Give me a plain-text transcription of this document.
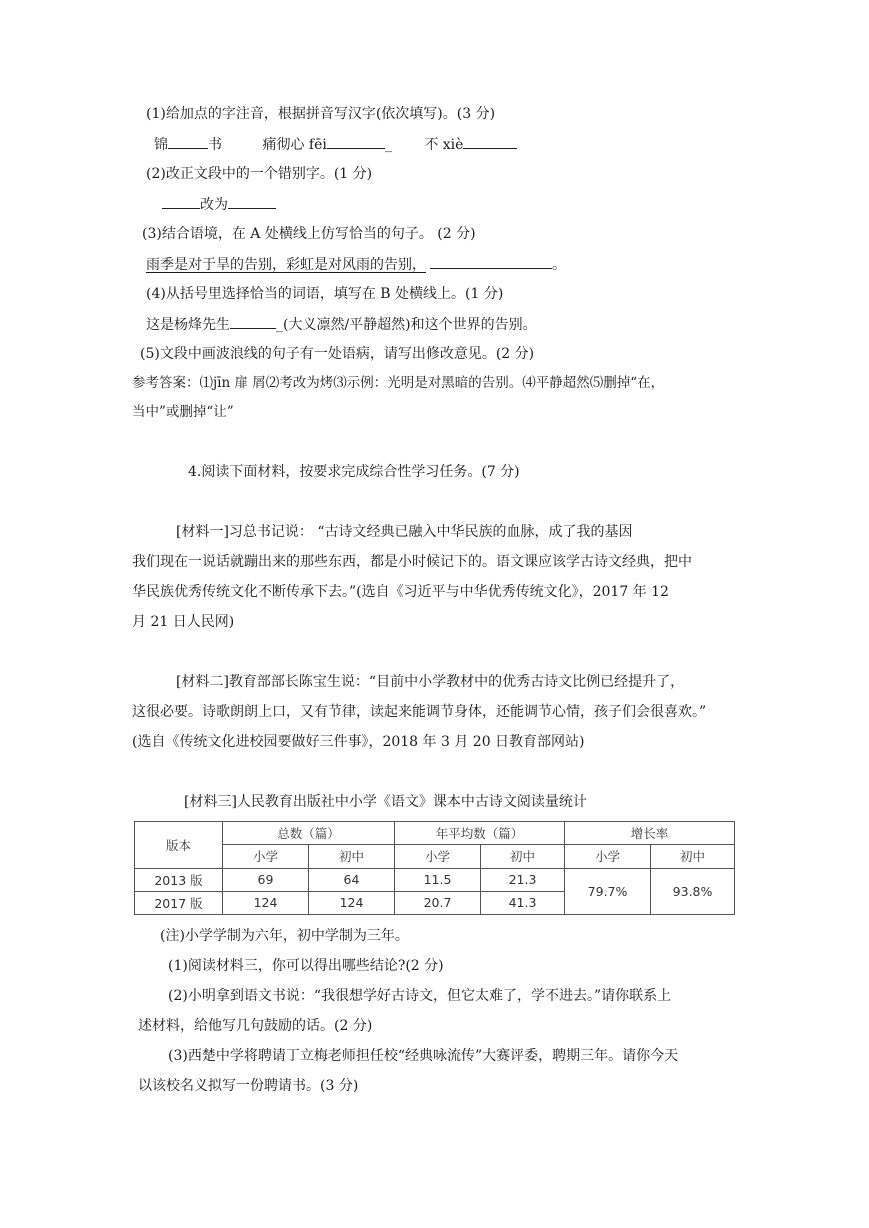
(1)给加点的字注音，根据拼音写汉字(依次填写)。(3 分)
锦	书	痛彻心 fēi	_ 不 xiè
(2)改正文段中的一个错别字。(1 分)
改为
(3)结合语境，在 A 处横线上仿写恰当的句子。 (2 分)
雨季是对于旱的告别，彩虹是对风雨的告别，	。
(4)从括号里选择恰当的词语，填写在 B 处横线上。(1 分)
这是杨烽先生	_(大义凛然/平静超然)和这个世界的告别。
(5)文段中画波浪线的句子有一处语病，请写出修改意见。(2 分)
参考答案：⑴jīn 扉 屑⑵考改为烤⑶示例：光明是对黑暗的告别。⑷平静超然⑸删掉“在，
当中”或删掉“让”
4.阅读下面材料，按要求完成综合性学习任务。(7 分)
[材料一]习总书记说： “古诗文经典已融入中华民族的血脉，成了我的基因
我们现在一说话就蹦出来的那些东西，都是小时候记下的。语文课应该学古诗文经典，把中
华民族优秀传统文化不断传承下去。”(选自《习近平与中华优秀传统文化》，2017 年 12
月 21 日人民网)
[材料二]教育部部长陈宝生说：“目前中小学教材中的优秀古诗文比例已经提升了，
这很必要。诗歌朗朗上口，又有节律，读起来能调节身体，还能调节心情，孩子们会很喜欢。”
(选自《传统文化进校园要做好三件事》，2018 年 3 月 20 日教育部网站)
[材料三]人民教育出版社中小学《语文》课本中古诗文阅读量统计
版本	总数（篇）		年平均数（篇）		增长率	
	小学	初中	小学	初中	小学	初中
2013 版	69	64	11.5	21.3	79.7%	93.8%
2017 版	124	124	20.7	41.3		
(注)小学学制为六年，初中学制为三年。
(1)阅读材料三，你可以得出哪些结论?(2 分)
(2)小明拿到语文书说：“我很想学好古诗文，但它太难了，学不进去。”请你联系上
述材料，给他写几句鼓励的话。(2 分)
(3)西楚中学将聘请丁立梅老师担任校“经典咏流传”大赛评委，聘期三年。请你今天
以该校名义拟写一份聘请书。(3 分)
